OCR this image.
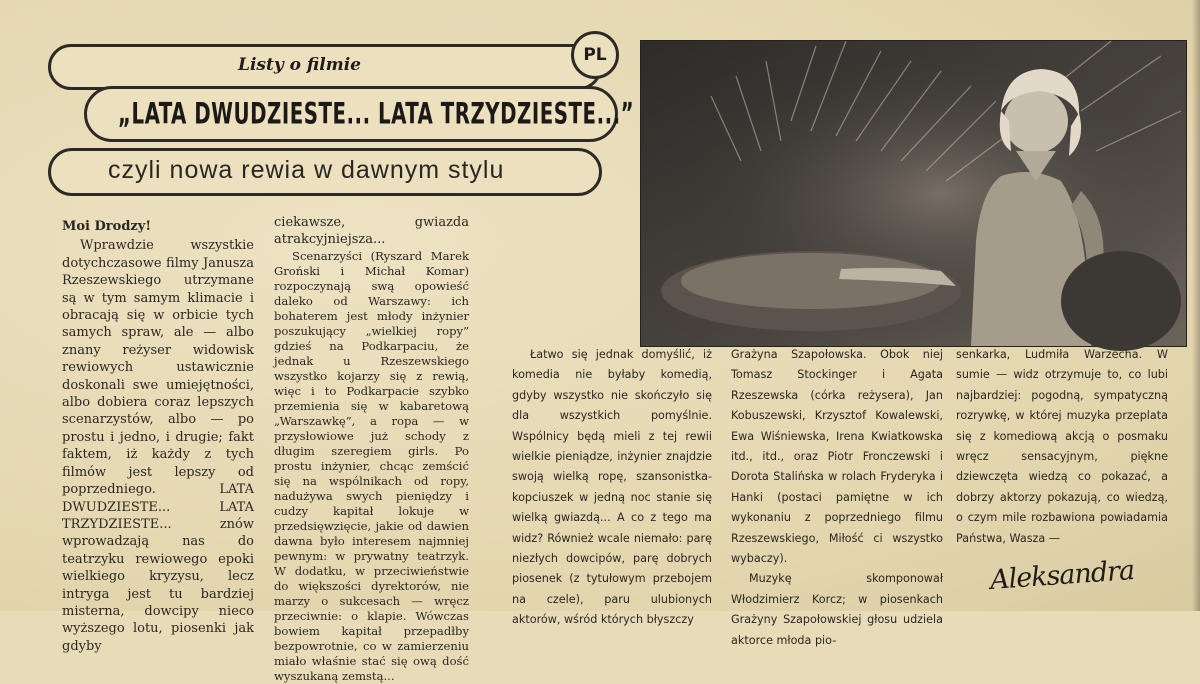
Listy o filmie	PL
„LATA DWUDZIESTE... LATA TRZYDZIESTE...”
czyli nowa rewia w dawnym stylu

Moi Drodzy!

Wprawdzie wszystkie dotychczasowe filmy Janusza Rzeszewskiego utrzymane są w tym samym klimacie i obracają się w orbicie tych samych spraw, ale — albo znany reżyser widowisk rewiowych ustawicznie doskonali swe umiejętności, albo dobiera coraz lepszych scenarzystów, albo — po prostu i jedno, i drugie; fakt faktem, iż każdy z tych filmów jest lepszy od poprzedniego. LATA DWUDZIESTE... LATA TRZYDZIESTE... znów wprowadzają nas do teatrzyku rewiowego epoki wielkiego kryzysu, lecz intryga jest tu bardziej misterna, dowcipy nieco wyższego lotu, piosenki jak gdyby

ciekawsze, gwiazda atrakcyjniejsza...

Scenarzyści (Ryszard Marek Groński i Michał Komar) rozpoczynają swą opowieść daleko od Warszawy: ich bohaterem jest młody inżynier poszukujący „wielkiej ropy” gdzieś na Podkarpaciu, że jednak u Rzeszewskiego wszystko kojarzy się z rewią, więc i to Podkarpacie szybko przemienia się w kabaretową „Warszawkę”, a ropa — w przysłowiowe już schody z długim szeregiem girls. Po prostu inżynier, chcąc zemścić się na wspólnikach od ropy, nadużywa swych pieniędzy i cudzy kapitał lokuje w przedsięwzięcie, jakie od dawien dawna było interesem najmniej pewnym: w prywatny teatrzyk. W dodatku, w przeciwieństwie do większości dyrektorów, nie marzy o sukcesach — wręcz przeciwnie: o klapie. Wówczas bowiem kapitał przepadłby bezpowrotnie, co w zamierzeniu miało właśnie stać się ową dość wyszukaną zemstą...

Łatwo się jednak domyślić, iż komedia nie byłaby komedią, gdyby wszystko nie skończyło się dla wszystkich pomyślnie. Wspólnicy będą mieli z tej rewii wielkie pieniądze, inżynier znajdzie swoją wielką ropę, szansonistka-kopciuszek w jedną noc stanie się wielką gwiazdą... A co z tego ma widz? Również wcale niemało: parę niezłych dowcipów, parę dobrych piosenek (z tytułowym przebojem na czele), paru ulubionych aktorów, wśród których błyszczy

Grażyna Szapołowska. Obok niej Tomasz Stockinger i Agata Rzeszewska (córka reżysera), Jan Kobuszewski, Krzysztof Kowalewski, Ewa Wiśniewska, Irena Kwiatkowska itd., itd., oraz Piotr Fronczewski i Dorota Stalińska w rolach Fryderyka i Hanki (postaci pamiętne w ich wykonaniu z poprzedniego filmu Rzeszewskiego, Miłość ci wszystko wybaczy).

Muzykę skomponował Włodzimierz Korcz; w piosenkach Grażyny Szapołowskiej głosu udziela aktorce młoda pio-

senkarka, Ludmiła Warzecha. W sumie — widz otrzymuje to, co lubi najbardziej: pogodną, sympatyczną rozrywkę, w której muzyka przeplata się z komediową akcją o posmaku wręcz sensacyjnym, piękne dziewczęta wiedzą co pokazać, a dobrzy aktorzy pokazują, co wiedzą, o czym mile rozbawiona powiadamia Państwa, Wasza —

Aleksandra
